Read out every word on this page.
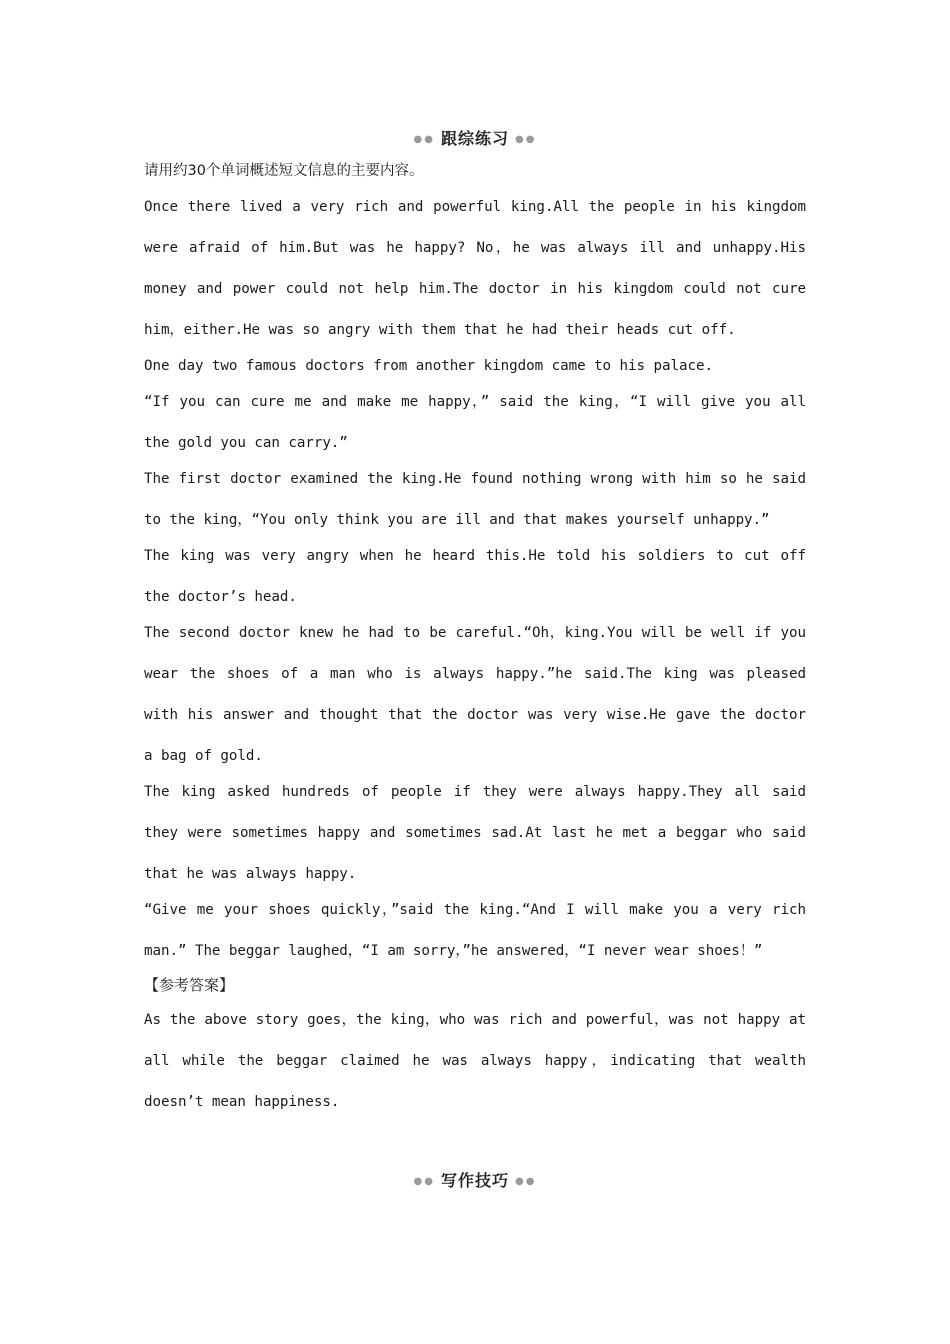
●● 跟综练习 ●●

请用约30个单词概述短文信息的主要内容。

Once there lived a very rich and powerful king.All the people in his kingdom were afraid of him.But was he happy? No，he was always ill and unhappy.His money and power could not help him.The doctor in his kingdom could not cure him，either.He was so angry with them that he had their heads cut off.

One day two famous doctors from another kingdom came to his palace.

“If you can cure me and make me happy，” said the king，“I will give you all the gold you can carry.”

The first doctor examined the king.He found nothing wrong with him so he said to the king，“You only think you are ill and that makes yourself unhappy.”

The king was very angry when he heard this.He told his soldiers to cut off the doctor’s head.

The second doctor knew he had to be careful.“Oh，king.You will be well if you wear the shoes of a man who is always happy.”he said.The king was pleased with his answer and thought that the doctor was very wise.He gave the doctor a bag of gold.

The king asked hundreds of people if they were always happy.They all said they were sometimes happy and sometimes sad.At last he met a beggar who said that he was always happy.

“Give me your shoes quickly，”said the king.“And I will make you a very rich man.” The beggar laughed，“I am sorry，”he answered，“I never wear shoes！”

【参考答案】

As the above story goes，the king，who was rich and powerful，was not happy at all while the beggar claimed he was always happy，indicating that wealth doesn’t mean happiness.

●● 写作技巧 ●●
